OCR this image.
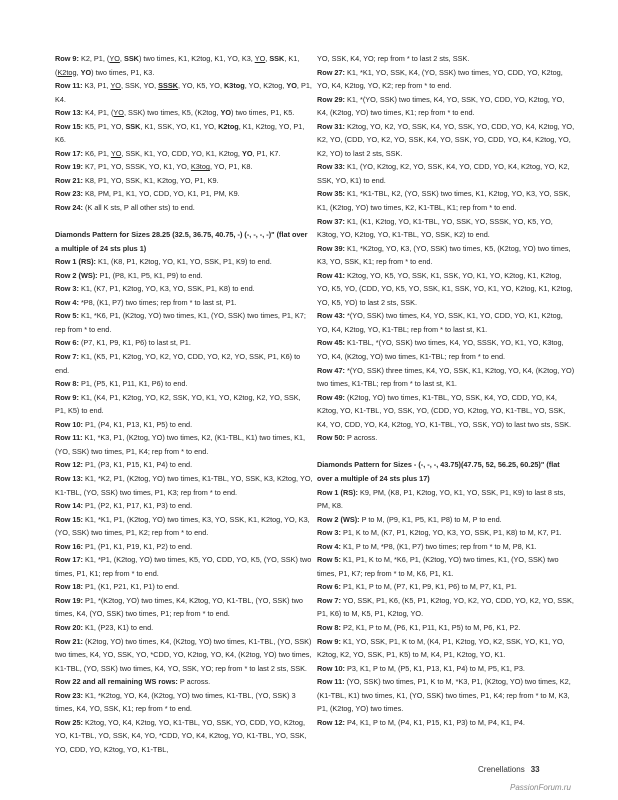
Row 9: K2, P1, (YO, SSK) two times, K1, K2tog, K1, YO, K3, YO, SSK, K1, (K2tog, YO) two times, P1, K3.

Row 11: K3, P1, YO, SSK, YO, SSSK, YO, K5, YO, K3tog, YO, K2tog, YO, P1, K4.

Row 13: K4, P1, (YO, SSK) two times, K5, (K2tog, YO) two times, P1, K5.

Row 15: K5, P1, YO, SSK, K1, SSK, YO, K1, YO, K2tog, K1, K2tog, YO, P1, K6.

Row 17: K6, P1, YO, SSK, K1, YO, CDD, YO, K1, K2tog, YO, P1, K7.

Row 19: K7, P1, YO, SSSK, YO, K1, YO, K3tog, YO, P1, K8.

Row 21: K8, P1, YO, SSK, K1, K2tog, YO, P1, K9.

Row 23: K8, PM, P1, K1, YO, CDD, YO, K1, P1, PM, K9.

Row 24: (K all K sts, P all other sts) to end.

Diamonds Pattern for Sizes 28.25 (32.5, 36.75, 40.75, -) (-, -, -, -)" (flat over a multiple of 24 sts plus 1)

Row 1 (RS): K1, (K8, P1, K2tog, YO, K1, YO, SSK, P1, K9) to end.

Row 2 (WS): P1, (P8, K1, P5, K1, P9) to end.

Row 3: K1, (K7, P1, K2tog, YO, K3, YO, SSK, P1, K8) to end.

Row 4: *P8, (K1, P7) two times; rep from * to last st, P1.

Row 5: K1, *K6, P1, (K2tog, YO) two times, K1, (YO, SSK) two times, P1, K7; rep from * to end.

Row 6: (P7, K1, P9, K1, P6) to last st, P1.

Row 7: K1, (K5, P1, K2tog, YO, K2, YO, CDD, YO, K2, YO, SSK, P1, K6) to end.

Row 8: P1, (P5, K1, P11, K1, P6) to end.

Row 9: K1, (K4, P1, K2tog, YO, K2, SSK, YO, K1, YO, K2tog, K2, YO, SSK, P1, K5) to end.

Row 10: P1, (P4, K1, P13, K1, P5) to end.

Row 11: K1, *K3, P1, (K2tog, YO) two times, K2, (K1-TBL, K1) two times, K1, (YO, SSK) two times, P1, K4; rep from * to end.

Row 12: P1, (P3, K1, P15, K1, P4) to end.

Row 13: K1, *K2, P1, (K2tog, YO) two times, K1-TBL, YO, SSK, K3, K2tog, YO, K1-TBL, (YO, SSK) two times, P1, K3; rep from * to end.

Row 14: P1, (P2, K1, P17, K1, P3) to end.

Row 15: K1, *K1, P1, (K2tog, YO) two times, K3, YO, SSK, K1, K2tog, YO, K3, (YO, SSK) two times, P1, K2; rep from * to end.

Row 16: P1, (P1, K1, P19, K1, P2) to end.

Row 17: K1, *P1, (K2tog, YO) two times, K5, YO, CDD, YO, K5, (YO, SSK) two times, P1, K1; rep from * to end.

Row 18: P1, (K1, P21, K1, P1) to end.

Row 19: P1, *(K2tog, YO) two times, K4, K2tog, YO, K1-TBL, (YO, SSK) two times, K4, (YO, SSK) two times, P1; rep from * to end.

Row 20: K1, (P23, K1) to end.

Row 21: (K2tog, YO) two times, K4, (K2tog, YO) two times, K1-TBL, (YO, SSK) two times, K4, YO, SSK, YO, *CDD, YO, K2tog, YO, K4, (K2tog, YO) two times, K1-TBL, (YO, SSK) two times, K4, YO, SSK, YO; rep from * to last 2 sts, SSK.

Row 22 and all remaining WS rows: P across.

Row 23: K1, *K2tog, YO, K4, (K2tog, YO) two times, K1-TBL, (YO, SSK) 3 times, K4, YO, SSK, K1; rep from * to end.

Row 25: K2tog, YO, K4, K2tog, YO, K1-TBL, YO, SSK, YO, CDD, YO, K2tog, YO, K1-TBL, YO, SSK, K4, YO, *CDD, YO, K4, K2tog, YO, K1-TBL, YO, SSK, YO, CDD, YO, K2tog, YO, K1-TBL,

YO, SSK, K4, YO; rep from * to last 2 sts, SSK.

Row 27: K1, *K1, YO, SSK, K4, (YO, SSK) two times, YO, CDD, YO, K2tog, YO, K4, K2tog, YO, K2; rep from * to end.

Row 29: K1, *(YO, SSK) two times, K4, YO, SSK, YO, CDD, YO, K2tog, YO, K4, (K2tog, YO) two times, K1; rep from * to end.

Row 31: K2tog, YO, K2, YO, SSK, K4, YO, SSK, YO, CDD, YO, K4, K2tog, YO, K2, YO, (CDD, YO, K2, YO, SSK, K4, YO, SSK, YO, CDD, YO, K4, K2tog, YO, K2, YO) to last 2 sts, SSK.

Row 33: K1, (YO, K2tog, K2, YO, SSK, K4, YO, CDD, YO, K4, K2tog, YO, K2, SSK, YO, K1) to end.

Row 35: K1, *K1-TBL, K2, (YO, SSK) two times, K1, K2tog, YO, K3, YO, SSK, K1, (K2tog, YO) two times, K2, K1-TBL, K1; rep from * to end.

Row 37: K1, (K1, K2tog, YO, K1-TBL, YO, SSK, YO, SSSK, YO, K5, YO, K3tog, YO, K2tog, YO, K1-TBL, YO, SSK, K2) to end.

Row 39: K1, *K2tog, YO, K3, (YO, SSK) two times, K5, (K2tog, YO) two times, K3, YO, SSK, K1; rep from * to end.

Row 41: K2tog, YO, K5, YO, SSK, K1, SSK, YO, K1, YO, K2tog, K1, K2tog, YO, K5, YO, (CDD, YO, K5, YO, SSK, K1, SSK, YO, K1, YO, K2tog, K1, K2tog, YO, K5, YO) to last 2 sts, SSK.

Row 43: *(YO, SSK) two times, K4, YO, SSK, K1, YO, CDD, YO, K1, K2tog, YO, K4, K2tog, YO, K1-TBL; rep from * to last st, K1.

Row 45: K1-TBL, *(YO, SSK) two times, K4, YO, SSSK, YO, K1, YO, K3tog, YO, K4, (K2tog, YO) two times, K1-TBL; rep from * to end.

Row 47: *(YO, SSK) three times, K4, YO, SSK, K1, K2tog, YO, K4, (K2tog, YO) two times, K1-TBL; rep from * to last st, K1.

Row 49: (K2tog, YO) two times, K1-TBL, YO, SSK, K4, YO, CDD, YO, K4, K2tog, YO, K1-TBL, YO, SSK, YO, (CDD, YO, K2tog, YO, K1-TBL, YO, SSK, K4, YO, CDD, YO, K4, K2tog, YO, K1-TBL, YO, SSK, YO) to last two sts, SSK.

Row 50: P across.

Diamonds Pattern for Sizes - (-, -, -, 43.75)(47.75, 52, 56.25, 60.25)" (flat over a multiple of 24 sts plus 17)

Row 1 (RS): K9, PM, (K8, P1, K2tog, YO, K1, YO, SSK, P1, K9) to last 8 sts, PM, K8.

Row 2 (WS): P to M, (P9, K1, P5, K1, P8) to M, P to end.

Row 3: P1, K to M, (K7, P1, K2tog, YO, K3, YO, SSK, P1, K8) to M, K7, P1.

Row 4: K1, P to M, *P8, (K1, P7) two times; rep from * to M, P8, K1.

Row 5: K1, P1, K to M, *K6, P1, (K2tog, YO) two times, K1, (YO, SSK) two times, P1, K7; rep from * to M, K6, P1, K1.

Row 6: P1, K1, P to M, (P7, K1, P9, K1, P6) to M, P7, K1, P1.

Row 7: YO, SSK, P1, K6, (K5, P1, K2tog, YO, K2, YO, CDD, YO, K2, YO, SSK, P1, K6) to M, K5, P1, K2tog, YO.

Row 8: P2, K1, P to M, (P6, K1, P11, K1, P5) to M, P6, K1, P2.

Row 9: K1, YO, SSK, P1, K to M, (K4, P1, K2tog, YO, K2, SSK, YO, K1, YO, K2tog, K2, YO, SSK, P1, K5) to M, K4, P1, K2tog, YO, K1.

Row 10: P3, K1, P to M, (P5, K1, P13, K1, P4) to M, P5, K1, P3.

Row 11: (YO, SSK) two times, P1, K to M, *K3, P1, (K2tog, YO) two times, K2, (K1-TBL, K1) two times, K1, (YO, SSK) two times, P1, K4; rep from * to M, K3, P1, (K2tog, YO) two times.

Row 12: P4, K1, P to M, (P4, K1, P15, K1, P3) to M, P4, K1, P4.

Crenellations 33
PassionForum.ru
